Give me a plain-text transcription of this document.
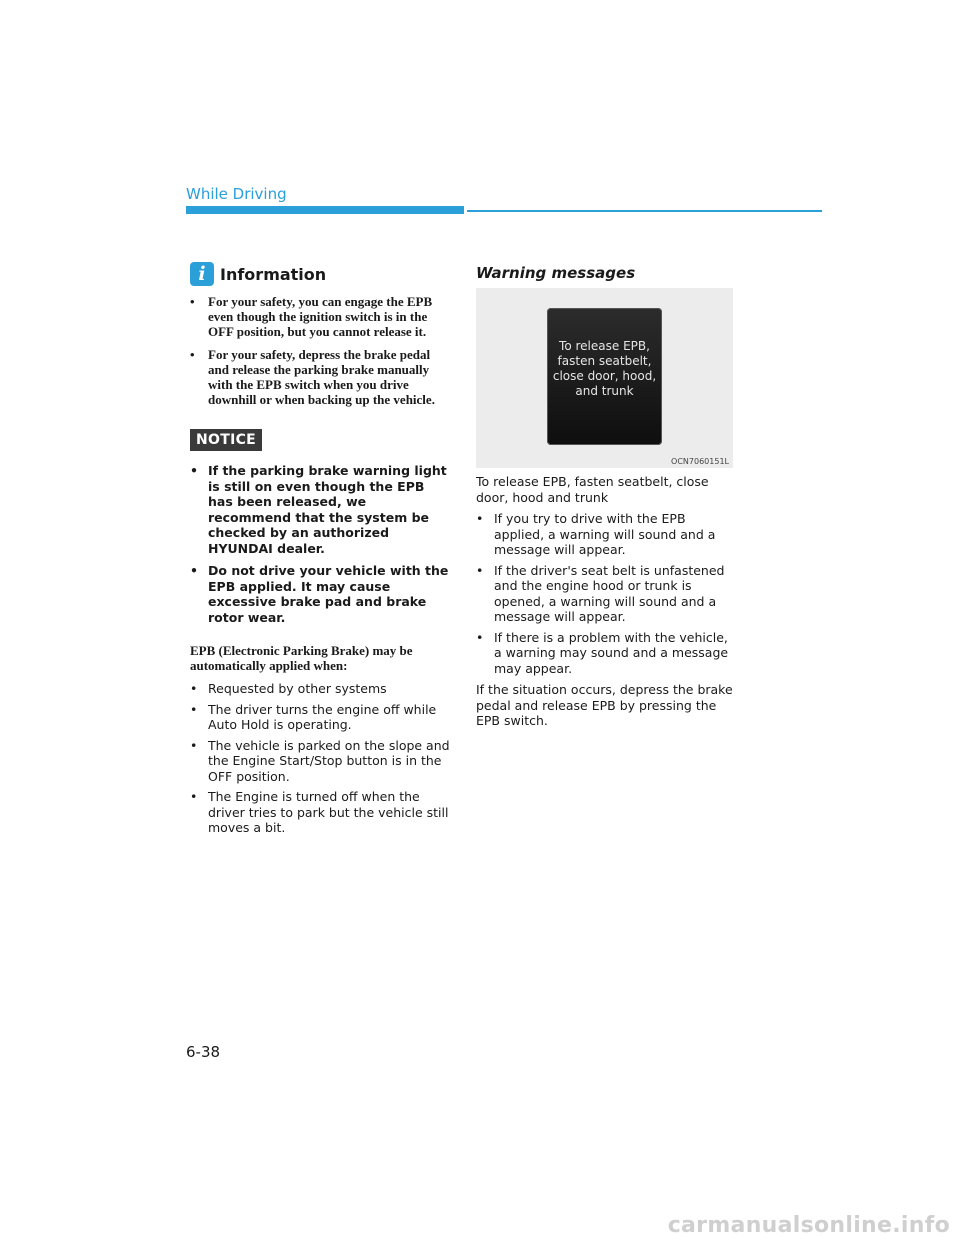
While Driving
i Information
• For your safety, you can engage the EPB even though the ignition switch is in the OFF position, but you cannot release it.
• For your safety, depress the brake pedal and release the parking brake manually with the EPB switch when you drive downhill or when backing up the vehicle.
NOTICE
• If the parking brake warning light is still on even though the EPB has been released, we recommend that the system be checked by an authorized HYUNDAI dealer.
• Do not drive your vehicle with the EPB applied. It may cause excessive brake pad and brake rotor wear.

EPB (Electronic Parking Brake) may be automatically applied when:

• Requested by other systems
• The driver turns the engine off while Auto Hold is operating.
• The vehicle is parked on the slope and the Engine Start/Stop button is in the OFF position.
• The Engine is turned off when the driver tries to park but the vehicle still moves a bit.
Warning messages
To release EPB, fasten seatbelt, close door, hood, and trunk
OCN7060151L

To release EPB, fasten seatbelt, close door, hood and trunk

• If you try to drive with the EPB applied, a warning will sound and a message will appear.
• If the driver's seat belt is unfastened and the engine hood or trunk is opened, a warning will sound and a message will appear.
• If there is a problem with the vehicle, a warning may sound and a message may appear.

If the situation occurs, depress the brake pedal and release EPB by pressing the EPB switch.

6-38
carmanualsonline.info
